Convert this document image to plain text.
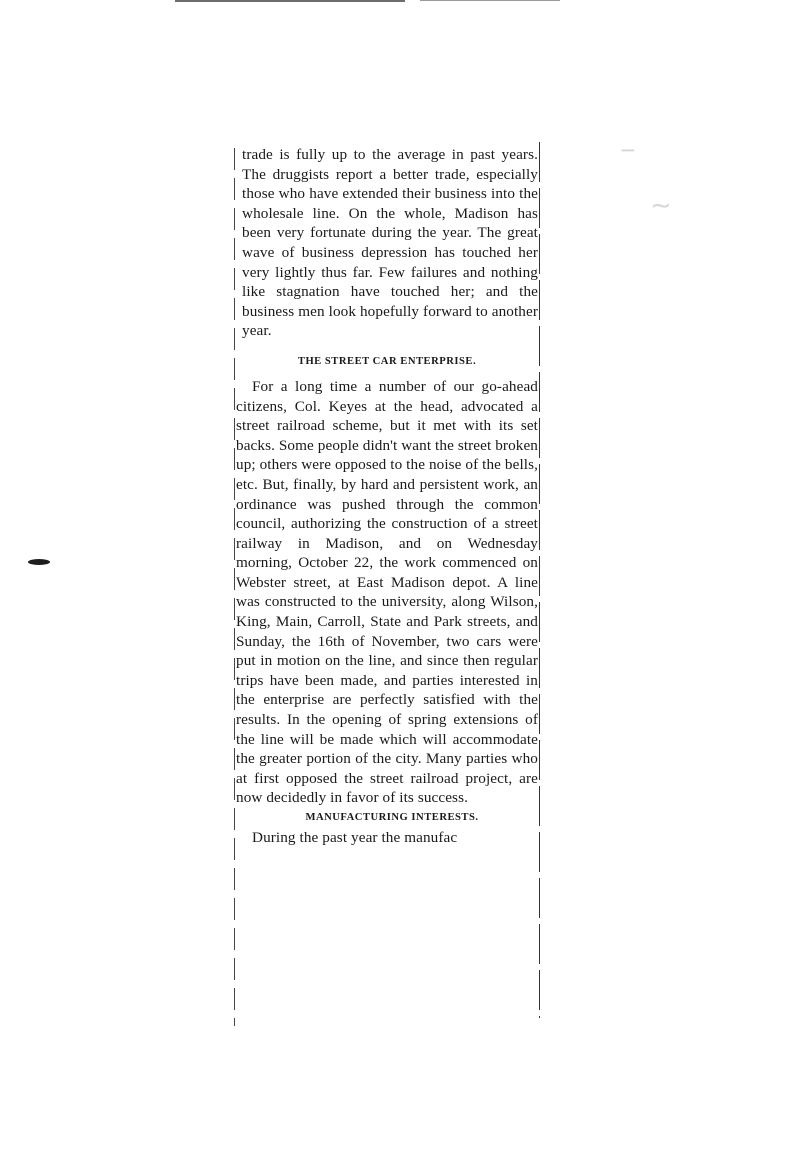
−
∼

trade is fully up to the average in past years. The druggists report a better trade, especially those who have extended their business into the wholesale line. On the whole, Madison has been very fortunate during the year. The great wave of business depression has touched her very lightly thus far. Few failures and nothing like stagnation have touched her; and the business men look hopefully forward to another year.

THE STREET CAR ENTERPRISE.

For a long time a number of our go-ahead citizens, Col. Keyes at the head, advocated a street railroad scheme, but it met with its set backs. Some people didn't want the street broken up; others were opposed to the noise of the bells, etc. But, finally, by hard and persistent work, an ordinance was pushed through the common council, authorizing the construction of a street railway in Madison, and on Wednesday morning, October 22, the work commenced on Webster street, at East Madison depot. A line was constructed to the university, along Wilson, King, Main, Carroll, State and Park streets, and Sunday, the 16th of November, two cars were put in motion on the line, and since then regular trips have been made, and parties interested in the enterprise are perfectly satisfied with the results. In the opening of spring extensions of the line will be made which will accommodate the greater portion of the city. Many parties who at first opposed the street railroad project, are now decidedly in favor of its success.

MANUFACTURING INTERESTS.

During the past year the manufac
